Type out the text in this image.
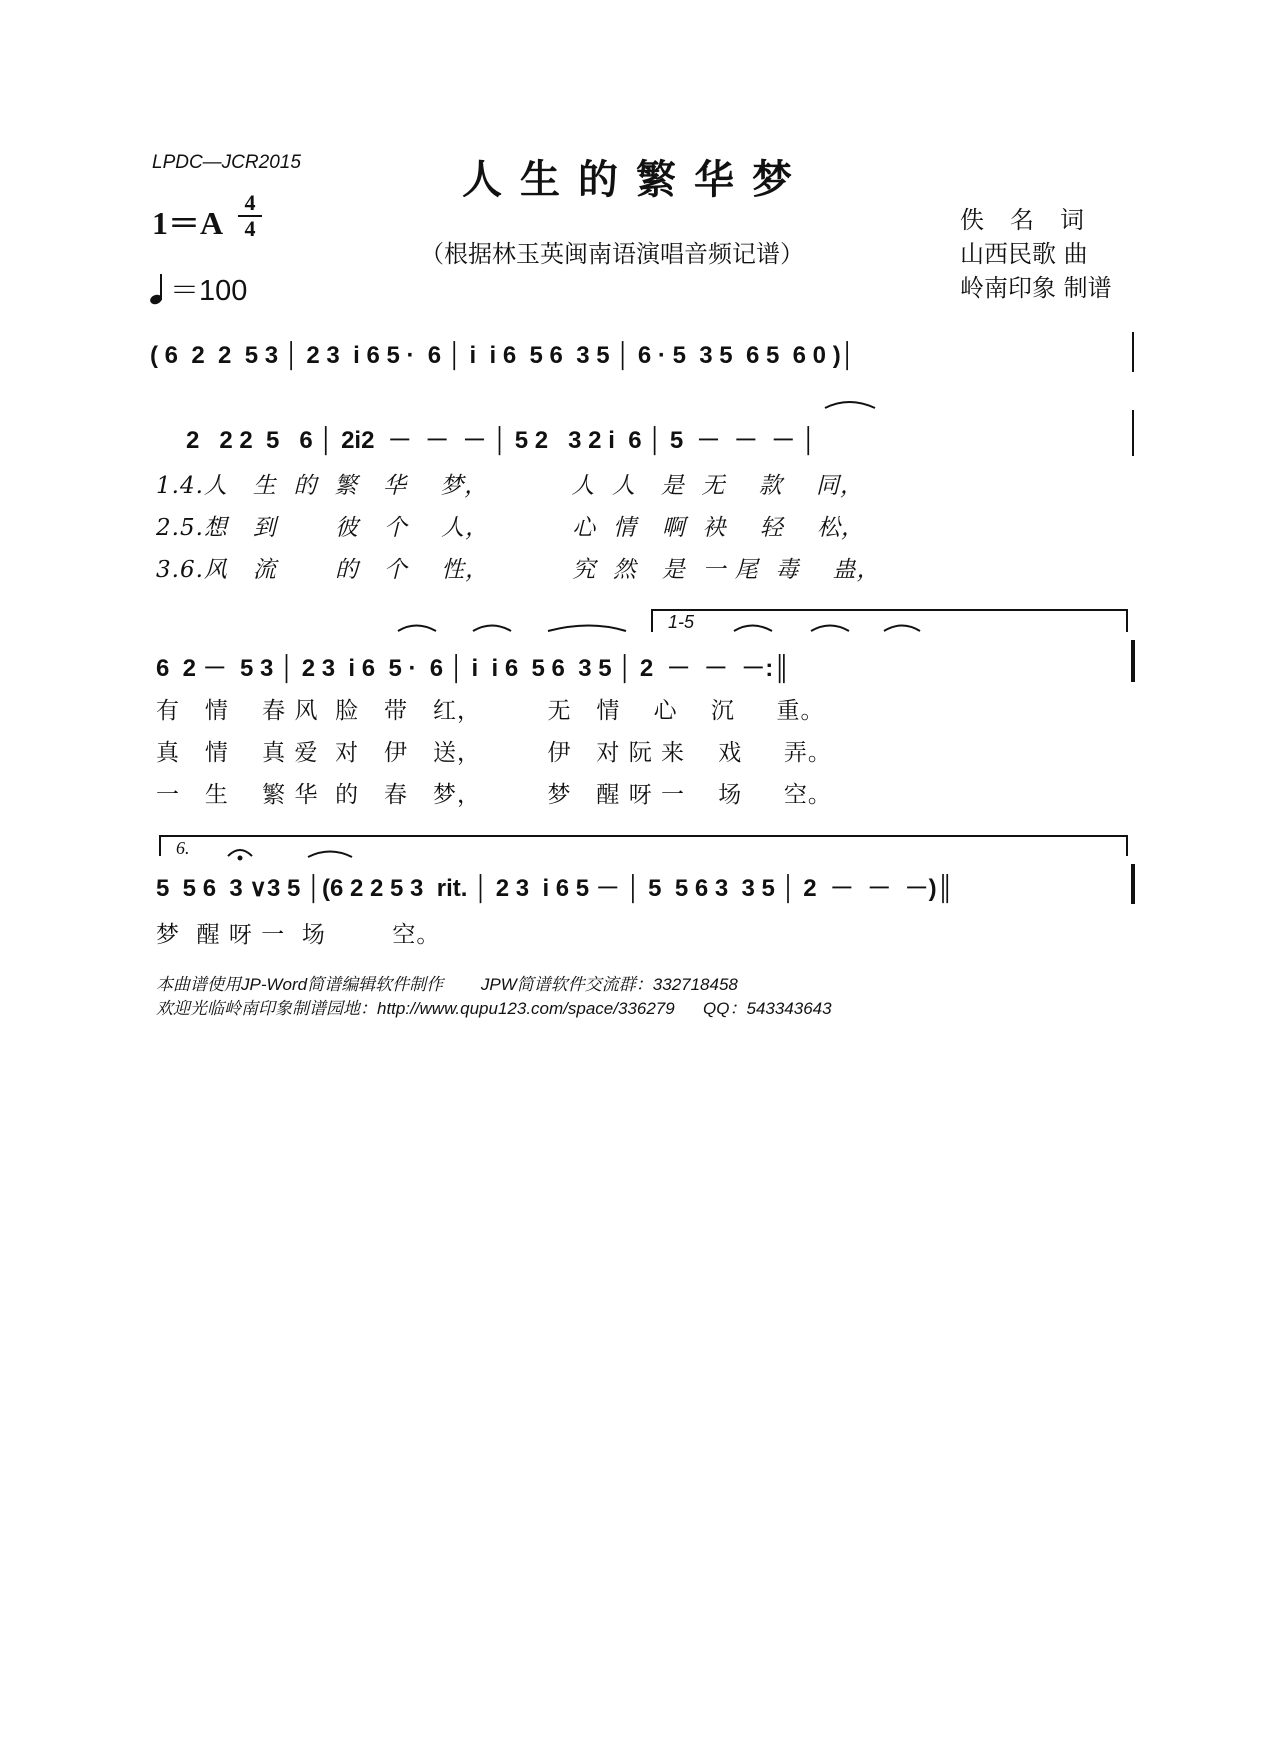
LPDC—JCR2015	人生的繁华梦
1＝A
4
4
（根据林玉英闽南语演唱音频记谱）
＝100
佚名词
山西民歌 曲
岭南印象 制谱
( 6  2  2  5 3 │ 2 3  i 6 5 ·  6 │ i  i 6  5 6  3 5 │ 6 · 5  3 5  6 5  6 0 )│
2   2 2  5   6 │ 2i2  －  －  － │ 5 2   3 2 i  6 │ 5  －  －  － │
1.4.人   生  的  繁   华    梦，          人  人   是  无    款    同，
2.5.想   到       彼   个    人，          心  情   啊  袂    轻    松，
3.6.风   流       的   个    性，          究  然   是  一 尾  毒    蛊，
1-5
6  2 －  5 3 │ 2 3  i 6  5 ·  6 │ i  i 6  5 6  3 5 │ 2  －  －  －:║
有   情    春 风  脸   带   红，        无   情    心    沉     重。
真   情    真 爱  对   伊   送，        伊   对 阮 来    戏     弄。
一   生    繁 华  的   春   梦，        梦   醒 呀 一    场     空。
6.
5  5 6  3 ∨3 5 │(6 2 2 5 3  rit. │ 2 3  i 6 5 － │ 5  5 6 3  3 5 │ 2  －  －  －)║
梦  醒 呀 一  场        空。
本曲谱使用JP-Word简谱编辑软件制作        JPW简谱软件交流群：332718458
欢迎光临岭南印象制谱园地：http://www.qupu123.com/space/336279      QQ：543343643
